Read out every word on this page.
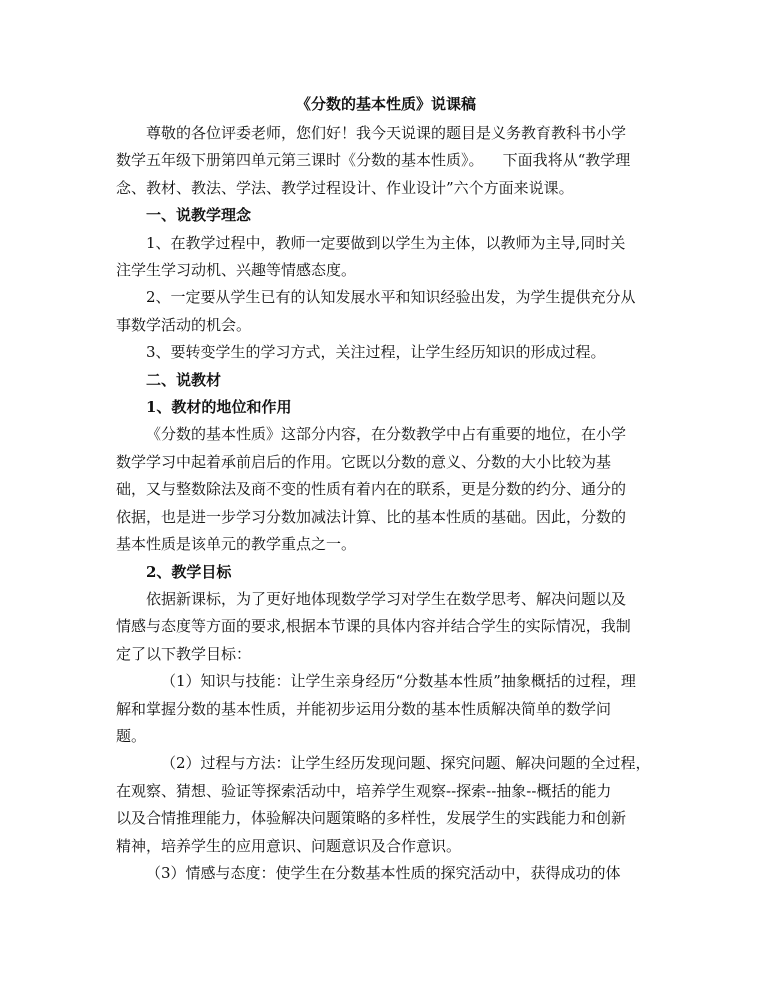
《分数的基本性质》说课稿

尊敬的各位评委老师，您们好！我今天说课的题目是义务教育教科书小学

数学五年级下册第四单元第三课时《分数的基本性质》。    下面我将从“教学理

念、教材、教法、学法、教学过程设计、作业设计”六个方面来说课。

一、说教学理念

1、在教学过程中，教师一定要做到以学生为主体，以教师为主导,同时关

注学生学习动机、兴趣等情感态度。

2、一定要从学生已有的认知发展水平和知识经验出发，为学生提供充分从

事数学活动的机会。

3、要转变学生的学习方式，关注过程，让学生经历知识的形成过程。

二、说教材

1、教材的地位和作用

《分数的基本性质》这部分内容，在分数教学中占有重要的地位，在小学

数学学习中起着承前启后的作用。它既以分数的意义、分数的大小比较为基

础，又与整数除法及商不变的性质有着内在的联系，更是分数的约分、通分的

依据，也是进一步学习分数加减法计算、比的基本性质的基础。因此，分数的

基本性质是该单元的教学重点之一。

2、教学目标

依据新课标，为了更好地体现数学学习对学生在数学思考、解决问题以及

情感与态度等方面的要求,根据本节课的具体内容并结合学生的实际情况，我制

定了以下教学目标：

（1）知识与技能：让学生亲身经历“分数基本性质”抽象概括的过程，理

解和掌握分数的基本性质，并能初步运用分数的基本性质解决简单的数学问

题。

（2）过程与方法：让学生经历发现问题、探究问题、解决问题的全过程，

在观察、猜想、验证等探索活动中，培养学生观察--探索--抽象--概括的能力

以及合情推理能力，体验解决问题策略的多样性，发展学生的实践能力和创新

精神，培养学生的应用意识、问题意识及合作意识。

（3）情感与态度：使学生在分数基本性质的探究活动中，获得成功的体
